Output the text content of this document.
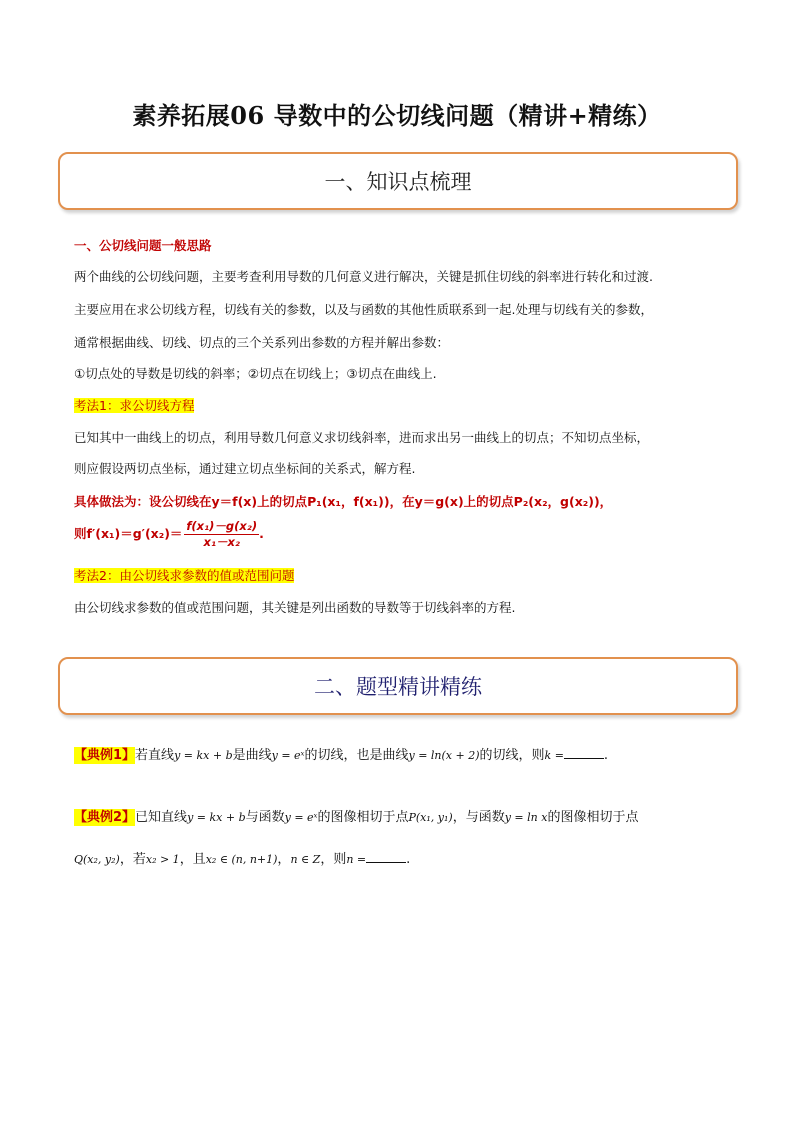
素养拓展06 导数中的公切线问题（精讲+精练）
一、知识点梳理
一、公切线问题一般思路
两个曲线的公切线问题，主要考查利用导数的几何意义进行解决，关键是抓住切线的斜率进行转化和过渡.
主要应用在求公切线方程，切线有关的参数，以及与函数的其他性质联系到一起.处理与切线有关的参数，
通常根据曲线、切线、切点的三个关系列出参数的方程并解出参数：
①切点处的导数是切线的斜率；②切点在切线上；③切点在曲线上.
考法1：求公切线方程
已知其中一曲线上的切点，利用导数几何意义求切线斜率，进而求出另一曲线上的切点；不知切点坐标，
则应假设两切点坐标，通过建立切点坐标间的关系式，解方程.
具体做法为：设公切线在y＝f(x)上的切点P₁(x₁，f(x₁))，在y＝g(x)上的切点P₂(x₂，g(x₂))，
则$f'(x_1)=g'(x_2)= \frac{\text{f(x₁)－g(x₂)}}{\text{x₁－x₂}}$ .
考法2：由公切线求参数的值或范围问题
由公切线求参数的值或范围问题，其关键是列出函数的导数等于切线斜率的方程.
二、题型精讲精练
【典例1】若直线y = kx + b是曲线y = eˣ的切线，也是曲线y = ln(x + 2)的切线，则k =	.
【典例2】已知直线y = kx + b与函数y = eˣ的图像相切于点P(x₁, y₁)，与函数y = ln x的图像相切于点
Q(x₂, y₂)，若x₂ > 1，且x₂ ∈ (n, n+1)，n ∈ Z，则n =	.
